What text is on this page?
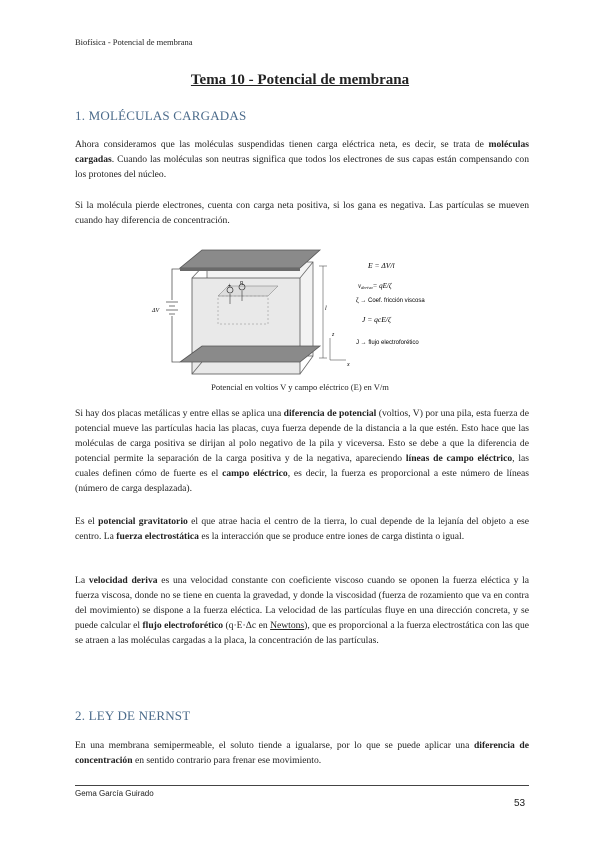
Biofísica - Potencial de membrana
Tema 10 - Potencial de membrana
1. MOLÉCULAS CARGADAS
Ahora consideramos que las moléculas suspendidas tienen carga eléctrica neta, es decir, se trata de moléculas cargadas. Cuando las moléculas son neutras significa que todos los electrones de sus capas están compensando con los protones del núcleo.
Si la molécula pierde electrones, cuenta con carga neta positiva, si los gana es negativa. Las partículas se mueven cuando hay diferencia de concentración.
+ q
ΔV	l
z
x
E = ΔV/l
vderiva= qE/ζ
ζ → Coef. fricción viscosa
J = qcE/ζ
J → flujo electroforético
Potencial en voltios V y campo eléctrico (E) en V/m
Si hay dos placas metálicas y entre ellas se aplica una diferencia de potencial (voltios, V) por una pila, esta fuerza de potencial mueve las partículas hacia las placas, cuya fuerza depende de la distancia a la que estén. Esto hace que las moléculas de carga positiva se dirijan al polo negativo de la pila y viceversa. Esto se debe a que la diferencia de potencial permite la separación de la carga positiva y de la negativa, apareciendo líneas de campo eléctrico, las cuales definen cómo de fuerte es el campo eléctrico, es decir, la fuerza es proporcional a este número de líneas (número de carga desplazada).
Es el potencial gravitatorio el que atrae hacia el centro de la tierra, lo cual depende de la lejanía del objeto a ese centro. La fuerza electrostática es la interacción que se produce entre iones de carga distinta o igual.
La velocidad deriva es una velocidad constante con coeficiente viscoso cuando se oponen la fuerza eléctica y la fuerza viscosa, donde no se tiene en cuenta la gravedad, y donde la viscosidad (fuerza de rozamiento que va en contra del movimiento) se dispone a la fuerza eléctica. La velocidad de las partículas fluye en una dirección concreta, y se puede calcular el flujo electroforético (q·E·Δc en Newtons), que es proporcional a la fuerza electrostática con las que se atraen a las moléculas cargadas a la placa, la concentración de las partículas.
2. LEY DE NERNST
En una membrana semipermeable, el soluto tiende a igualarse, por lo que se puede aplicar una diferencia de concentración en sentido contrario para frenar ese movimiento.
Gema García Guirado
53
